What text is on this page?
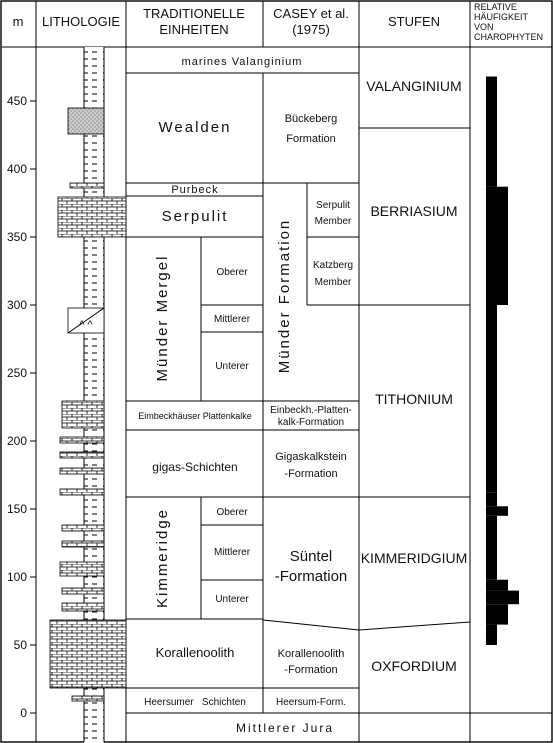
m LITHOLOGIE
TRADITIONELLE EINHEITEN
CASEY et al. (1975)
STUFEN
RELATIVE HÄUFIGKEIT VON CHAROPHYTEN
0
50
100
150
200
250
300
350
400
450
^ ^
marines Valanginium
Wealden
Purbeck
Serpulit
Münder Mergel	Oberer
Mittlerer
Unterer
Eimbeckhäuser Plattenkalke
gigas-Schichten
Kimmeridge	Oberer
Mittlerer
Unterer
Korallenoolith
Heersumer   Schichten
Mittlerer Jura
Bückeberg
Formation
Münder Formation
Serpulit
Member
Katzberg
Member
Einbeckh.-Platten-
kalk-Formation
Gigaskalkstein
-Formation
Süntel
-Formation
Korallenoolith
-Formation
Heersum-Form.
VALANGINIUM
BERRIASIUM
TITHONIUM
KIMMERIDGIUM
OXFORDIUM
